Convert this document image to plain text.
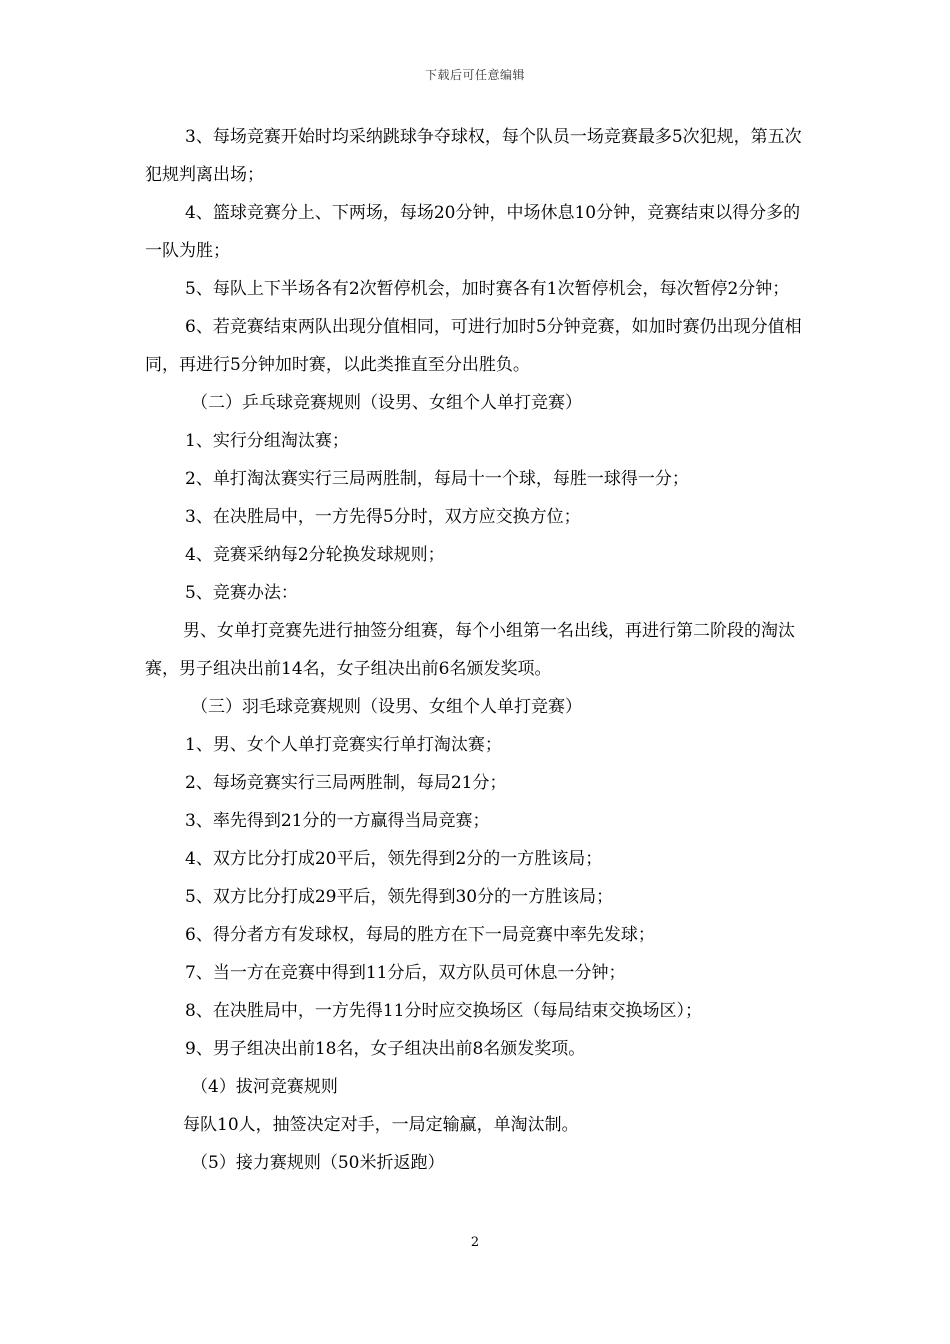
下载后可任意编辑

3、每场竞赛开始时均采纳跳球争夺球权，每个队员一场竞赛最多5次犯规，第五次犯规判离出场；

4、篮球竞赛分上、下两场，每场20分钟，中场休息10分钟，竞赛结束以得分多的一队为胜；

5、每队上下半场各有2次暂停机会，加时赛各有1次暂停机会，每次暂停2分钟；

6、若竞赛结束两队出现分值相同，可进行加时5分钟竞赛，如加时赛仍出现分值相同，再进行5分钟加时赛，以此类推直至分出胜负。

（二）乒乓球竞赛规则（设男、女组个人单打竞赛）

1、实行分组淘汰赛；

2、单打淘汰赛实行三局两胜制，每局十一个球，每胜一球得一分；

3、在决胜局中，一方先得5分时，双方应交换方位；

4、竞赛采纳每2分轮换发球规则；

5、竞赛办法：

男、女单打竞赛先进行抽签分组赛，每个小组第一名出线，再进行第二阶段的淘汰赛，男子组决出前14名，女子组决出前6名颁发奖项。

（三）羽毛球竞赛规则（设男、女组个人单打竞赛）

1、男、女个人单打竞赛实行单打淘汰赛；

2、每场竞赛实行三局两胜制，每局21分；

3、率先得到21分的一方赢得当局竞赛；

4、双方比分打成20平后，领先得到2分的一方胜该局；

5、双方比分打成29平后，领先得到30分的一方胜该局；

6、得分者方有发球权，每局的胜方在下一局竞赛中率先发球；

7、当一方在竞赛中得到11分后，双方队员可休息一分钟；

8、在决胜局中，一方先得11分时应交换场区（每局结束交换场区）；

9、男子组决出前18名，女子组决出前8名颁发奖项。

（4）拔河竞赛规则

每队10人，抽签决定对手，一局定输赢，单淘汰制。

（5）接力赛规则（50米折返跑）

2
